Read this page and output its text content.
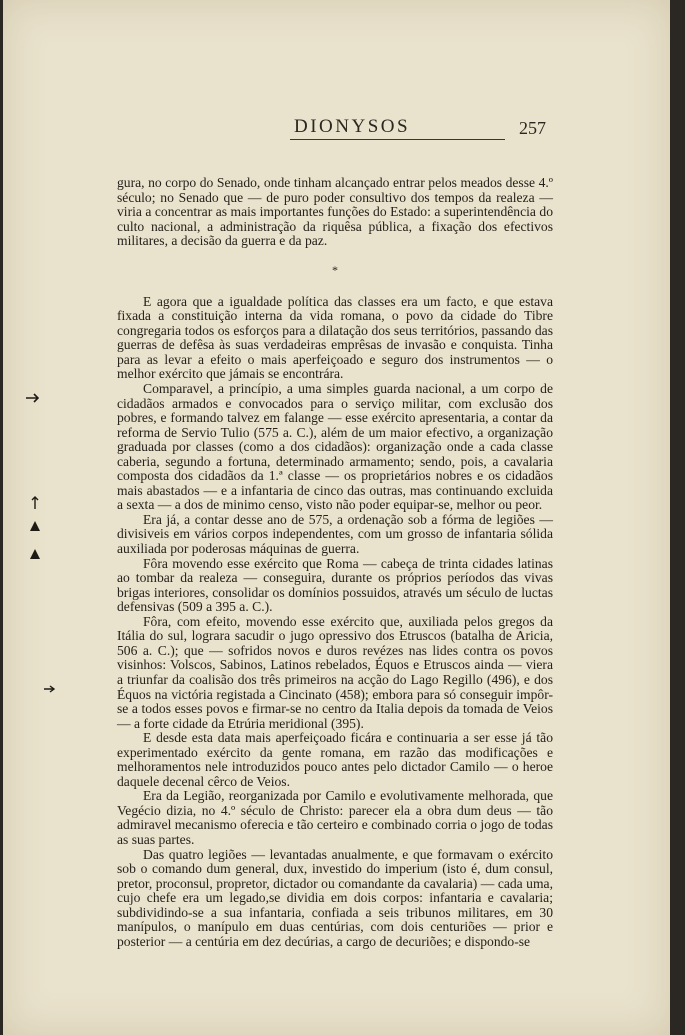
DIONYSOS	257

gura, no corpo do Senado, onde tinham alcançado entrar pelos meados desse 4.º século; no Senado que — de puro poder consultivo dos tempos da realeza — viria a concentrar as mais importantes funções do Estado: a superintendência do culto nacional, a administração da riquêsa pública, a fixação dos efectivos militares, a decisão da guerra e da paz.

*

E agora que a igualdade política das classes era um facto, e que estava fixada a constituição interna da vida romana, o povo da cidade do Tibre congregaria todos os esforços para a dilatação dos seus territórios, passando das guerras de defêsa às suas verdadeiras emprêsas de invasão e conquista. Tinha para as levar a efeito o mais aperfeiçoado e seguro dos instrumentos — o melhor exército que jámais se encontrára.

Comparavel, a princípio, a uma simples guarda nacional, a um corpo de cidadãos armados e convocados para o serviço militar, com exclusão dos pobres, e formando talvez em falange — esse exército apresentaria, a contar da reforma de Servio Tulio (575 a. C.), além de um maior efectivo, a organização graduada por classes (como a dos cidadãos): organização onde a cada classe caberia, segundo a fortuna, determinado armamento; sendo, pois, a cavalaria composta dos cidadãos da 1.ª classe — os proprietários nobres e os cidadãos mais abastados — e a infantaria de cinco das outras, mas continuando excluida a sexta — a dos de minimo censo, visto não poder equipar-se, melhor ou peor.

Era já, a contar desse ano de 575, a ordenação sob a fórma de legiões — divisiveis em vários corpos independentes, com um grosso de infantaria sólida auxiliada por poderosas máquinas de guerra.

Fôra movendo esse exército que Roma — cabeça de trinta cidades latinas ao tombar da realeza — conseguira, durante os próprios períodos das vivas brigas interiores, consolidar os domínios possuidos, através um século de luctas defensivas (509 a 395 a. C.).

Fôra, com efeito, movendo esse exército que, auxiliada pelos gregos da Itália do sul, lograra sacudir o jugo opressivo dos Etruscos (batalha de Aricia, 506 a. C.); que — sofridos novos e duros revézes nas lides contra os povos visinhos: Volscos, Sabinos, Latinos rebelados, Équos e Etruscos ainda — viera a triunfar da coalisão dos três primeiros na acção do Lago Regillo (496), e dos Équos na victória registada a Cincinato (458); embora para só conseguir impôr-se a todos esses povos e firmar-se no centro da Italia depois da tomada de Veios — a forte cidade da Etrúria meridional (395).

E desde esta data mais aperfeiçoado ficára e continuaria a ser esse já tão experimentado exército da gente romana, em razão das modificações e melhoramentos nele introduzidos pouco antes pelo dictador Camilo — o heroe daquele decenal cêrco de Veios.

Era da Legião, reorganizada por Camilo e evolutivamente melhorada, que Vegécio dizia, no 4.º século de Christo: parecer ela a obra dum deus — tão admiravel mecanismo oferecia e tão certeiro e combinado corria o jogo de todas as suas partes.

Das quatro legiões — levantadas anualmente, e que formavam o exército sob o comando dum general, dux, investido do imperium (isto é, dum consul, pretor, proconsul, propretor, dictador ou comandante da cavalaria) — cada uma, cujo chefe era um legado,se dividia em dois corpos: infantaria e cavalaria; subdividindo-se a sua infantaria, confiada a seis tribunos militares, em 30 manípulos, o manípulo em duas centúrias, com dois centuriões — prior e posterior — a centúria em dez decúrias, a cargo de decuriões; e dispondo-se
